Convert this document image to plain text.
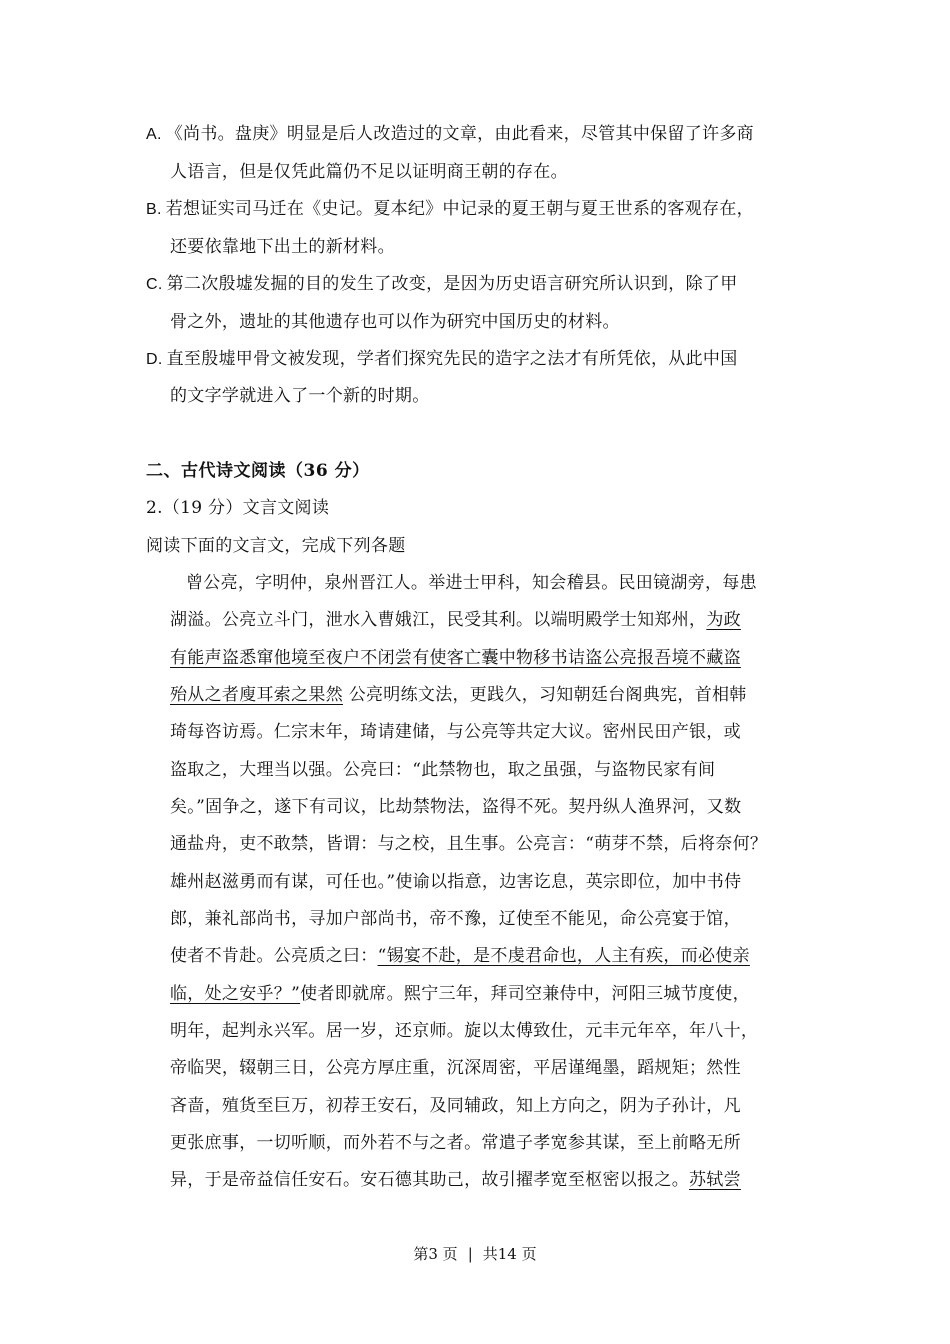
A. 《尚书。盘庚》明显是后人改造过的文章，由此看来，尽管其中保留了许多商
人语言，但是仅凭此篇仍不足以证明商王朝的存在。
B. 若想证实司马迁在《史记。夏本纪》中记录的夏王朝与夏王世系的客观存在，
还要依靠地下出土的新材料。
C. 第二次殷墟发掘的目的发生了改变，是因为历史语言研究所认识到，除了甲
骨之外，遗址的其他遗存也可以作为研究中国历史的材料。
D. 直至殷墟甲骨文被发现，学者们探究先民的造字之法才有所凭依，从此中国
的文字学就进入了一个新的时期。
二、古代诗文阅读（36 分）
2.（19 分）文言文阅读
阅读下面的文言文，完成下列各题
曾公亮，字明仲，泉州晋江人。举进士甲科，知会稽县。民田镜湖旁，每患
湖溢。公亮立斗门，泄水入曹娥江，民受其利。以端明殿学士知郑州，为政
有能声盗悉窜他境至夜户不闭尝有使客亡囊中物移书诘盗公亮报吾境不藏盗
殆从之者廋耳索之果然 公亮明练文法，更践久，习知朝廷台阁典宪，首相韩
琦每咨访焉。仁宗末年，琦请建储，与公亮等共定大议。密州民田产银，或
盗取之，大理当以强。公亮曰：“此禁物也，取之虽强，与盗物民家有间
矣。”固争之，遂下有司议，比劫禁物法，盗得不死。契丹纵人渔界河，又数
通盐舟，吏不敢禁，皆谓：与之校，且生事。公亮言：“萌芽不禁，后将奈何？
雄州赵滋勇而有谋，可任也。”使谕以指意，边害讫息，英宗即位，加中书侍
郎，兼礼部尚书，寻加户部尚书，帝不豫，辽使至不能见，命公亮宴于馆，
使者不肯赴。公亮质之曰：“锡宴不赴，是不虔君命也，人主有疾，而必使亲
临，处之安乎？”使者即就席。熙宁三年，拜司空兼侍中，河阳三城节度使，
明年，起判永兴军。居一岁，还京师。旋以太傅致仕，元丰元年卒，年八十，
帝临哭，辍朝三日，公亮方厚庄重，沉深周密，平居谨绳墨，蹈规矩；然性
吝啬，殖货至巨万，初荐王安石，及同辅政，知上方向之，阴为子孙计，凡
更张庶事，一切听顺，而外若不与之者。常遣子孝宽参其谋，至上前略无所
异，于是帝益信任安石。安石德其助己，故引擢孝宽至枢密以报之。苏轼尝
第3 页 | 共14 页
